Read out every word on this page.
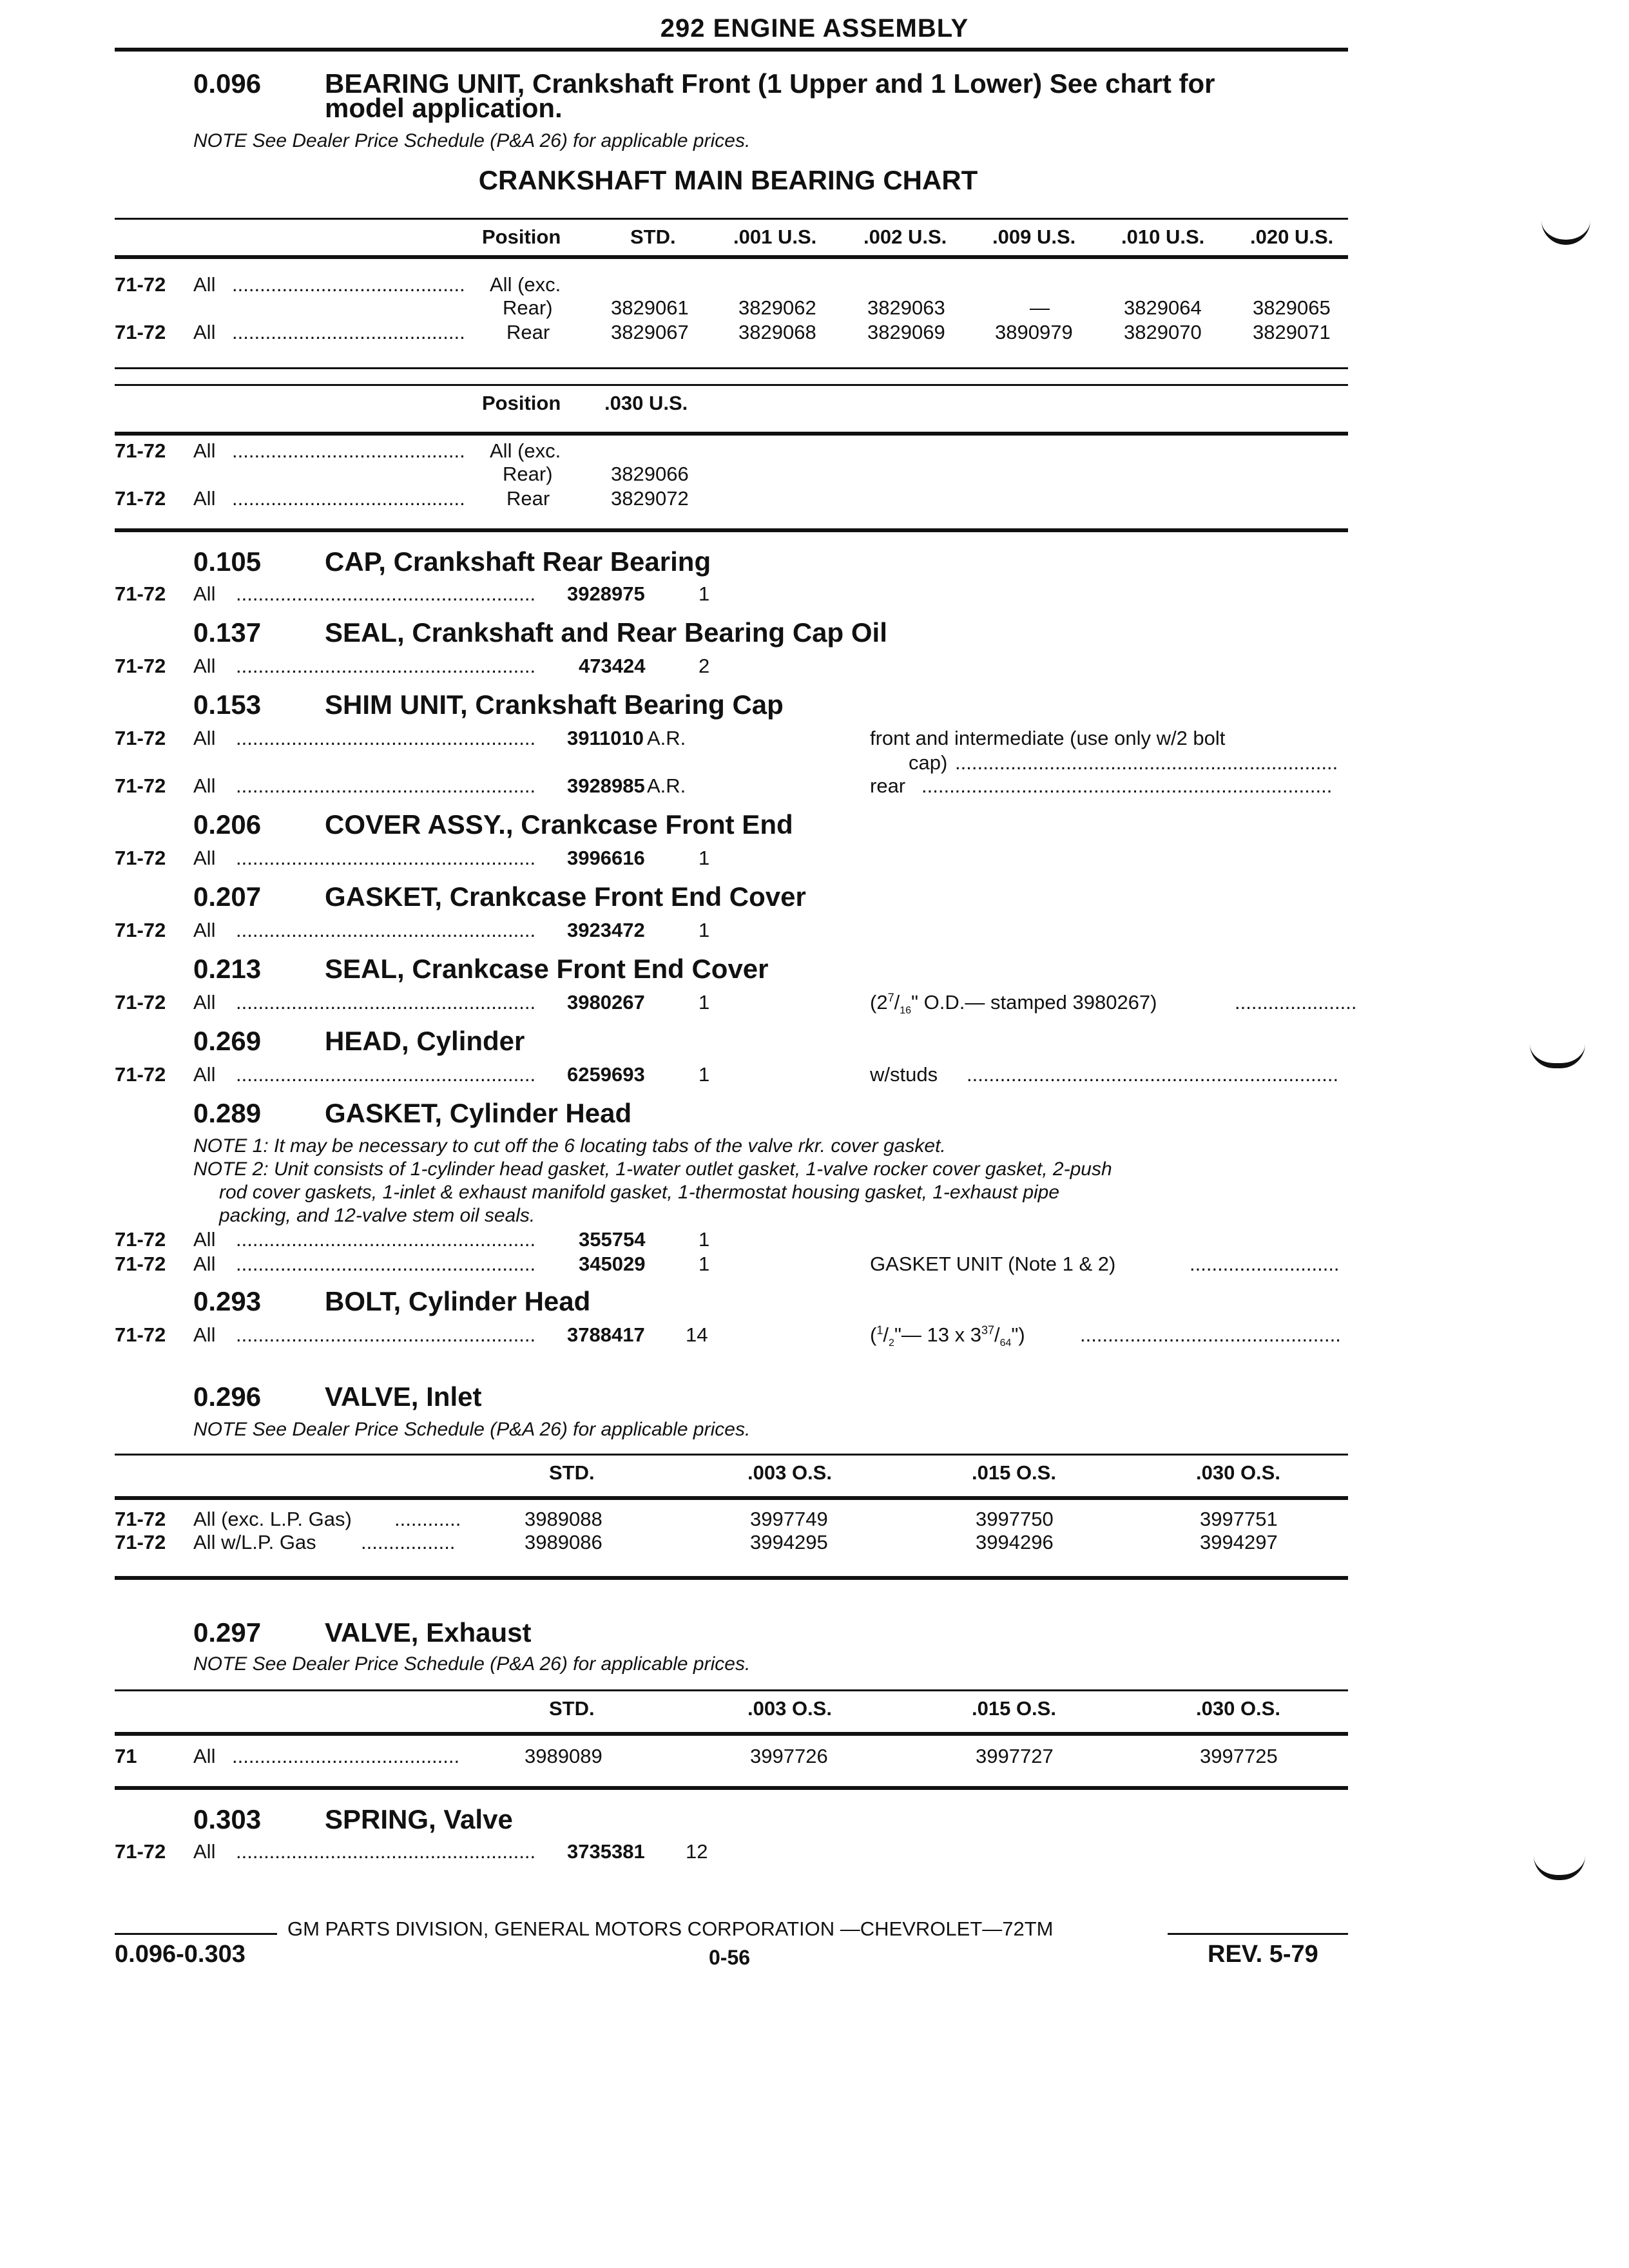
292 ENGINE ASSEMBLY
0.096 BEARING UNIT, Crankshaft Front (1 Upper and 1 Lower) See chart for
model application.
NOTE See Dealer Price Schedule (P&A 26) for applicable prices.
CRANKSHAFT MAIN BEARING CHART
Position	STD.	.001 U.S. .002 U.S. .009 U.S. .010 U.S. .020 U.S.
71-72 All .......................................... All (exc.
Rear)	3829061 3829062	3829063	—	3829064	3829065
71-72 All .......................................... Rear	3829067 3829068	3829069 3890979	3829070	3829071
Position .030 U.S.
71-72 All .......................................... All (exc.
Rear)	3829066
71-72 All .......................................... Rear	3829072
0.105 CAP, Crankshaft Rear Bearing
71-72 All ...................................................... 3928975	1
0.137 SEAL, Crankshaft and Rear Bearing Cap Oil
71-72 All ...................................................... 473424	2
0.153 SHIM UNIT, Crankshaft Bearing Cap
71-72 All ...................................................... 3911010 A.R.	front and intermediate (use only w/2 bolt
cap) .....................................................................
71-72 All ...................................................... 3928985 A.R.	rear ..........................................................................
0.206 COVER ASSY., Crankcase Front End
71-72 All ...................................................... 3996616	1
0.207 GASKET, Crankcase Front End Cover
71-72 All ...................................................... 3923472	1
0.213 SEAL, Crankcase Front End Cover
71-72 All ...................................................... 3980267	1	($2^7/_{16}$" O.D.— stamped 3980267)	......................
0.269 HEAD, Cylinder
71-72 All ...................................................... 6259693	1	w/studs ...................................................................
0.289 GASKET, Cylinder Head
NOTE 1: It may be necessary to cut off the 6 locating tabs of the valve rkr. cover gasket.
NOTE 2: Unit consists of 1-cylinder head gasket, 1-water outlet gasket, 1-valve rocker cover gasket, 2-push
rod cover gaskets, 1-inlet & exhaust manifold gasket, 1-thermostat housing gasket, 1-exhaust pipe
packing, and 12-valve stem oil seals.
71-72 All ...................................................... 355754	1
71-72 All ...................................................... 345029	1	GASKET UNIT (Note 1 & 2)	...........................
0.293 BOLT, Cylinder Head
71-72 All ...................................................... 3788417 14	($^1/_2"—$ 13 x $3^{37}/_{64}$")	...............................................
0.296 VALVE, Inlet
NOTE See Dealer Price Schedule (P&A 26) for applicable prices.
STD.	.003 O.S.	.015 O.S.	.030 O.S.
71-72 All (exc. L.P. Gas) ............	3989088	3997749	3997750	3997751
71-72 All w/L.P. Gas .................	3989086	3994295	3994296	3994297
0.297 VALVE, Exhaust
NOTE See Dealer Price Schedule (P&A 26) for applicable prices.
STD.	.003 O.S.	.015 O.S.	.030 O.S.
71	All .........................................	3989089	3997726	3997727	3997725
0.303 SPRING, Valve
71-72 All ...................................................... 3735381 12
GM PARTS DIVISION, GENERAL MOTORS CORPORATION —CHEVROLET—72TM
0.096-0.303	0-56	REV. 5-79
